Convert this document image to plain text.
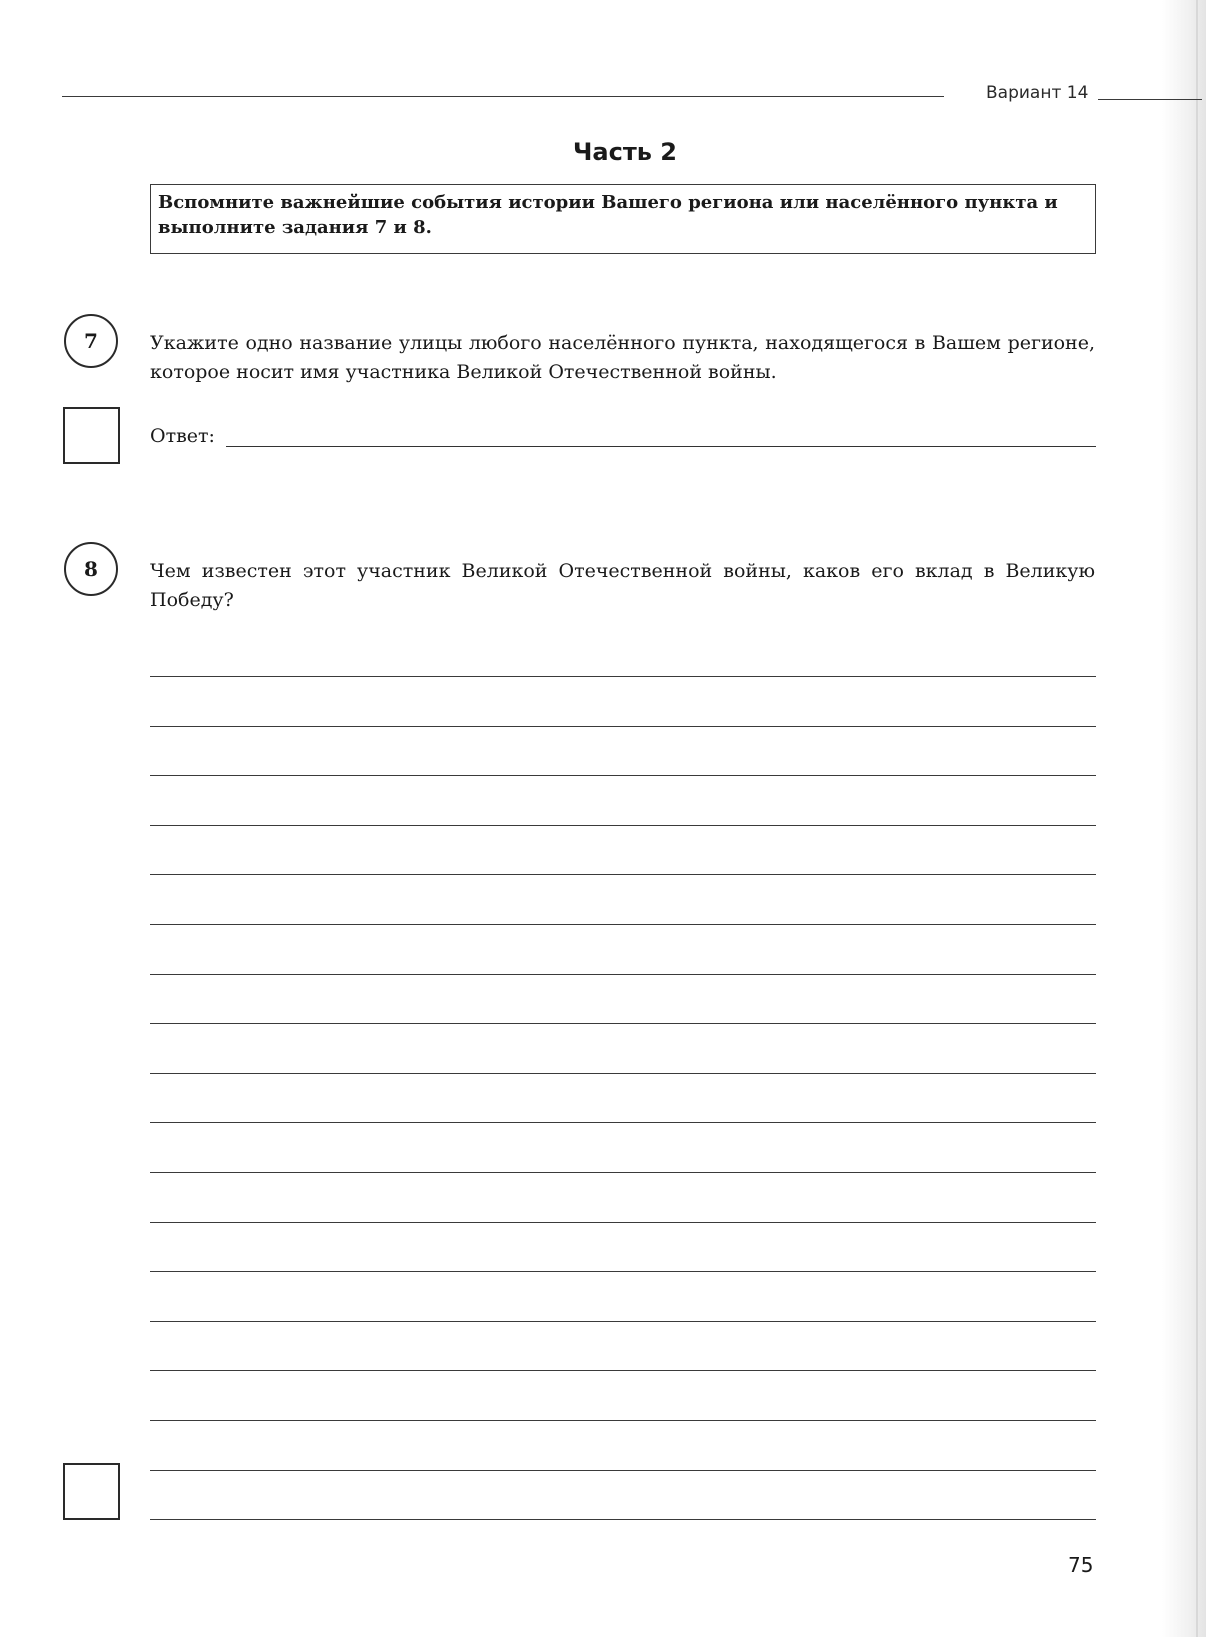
Вариант 14
Часть 2
Вспомните важнейшие события истории Вашего региона или населённого пункта и выполните задания 7 и 8.
7	Укажите одно название улицы любого населённого пункта, находящегося в Вашем регионе, которое носит имя участника Великой Отечественной войны.
Ответ:
8	Чем известен этот участник Великой Отечественной войны, каков его вклад в Великую Победу?
75
